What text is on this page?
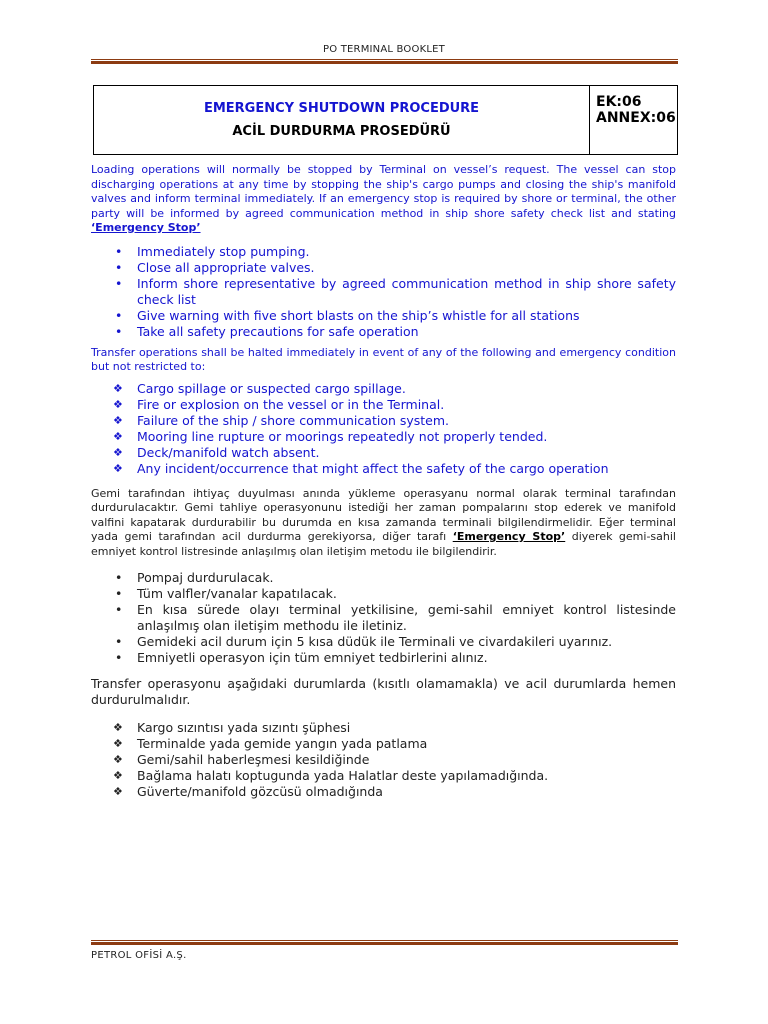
PO TERMINAL BOOKLET
EMERGENCY SHUTDOWN PROCEDURE
ACİL DURDURMA PROSEDÜRÜ
EK:06
ANNEX:06

Loading operations will normally be stopped by Terminal on vessel’s request. The vessel can stop discharging operations at any time by stopping the ship's cargo pumps and closing the ship's manifold valves and inform terminal immediately. If an emergency stop is required by shore or terminal, the other party will be informed by agreed communication method in ship shore safety check list and stating ‘Emergency Stop’

• Immediately stop pumping.
• Close all appropriate valves.
• Inform shore representative by agreed communication method in ship shore safety check list
• Give warning with five short blasts on the ship’s whistle for all stations
• Take all safety precautions for safe operation

Transfer operations shall be halted immediately in event of any of the following and emergency condition but not restricted to:

❖ Cargo spillage or suspected cargo spillage.
❖ Fire or explosion on the vessel or in the Terminal.
❖ Failure of the ship / shore communication system.
❖ Mooring line rupture or moorings repeatedly not properly tended.
❖ Deck/manifold watch absent.
❖ Any incident/occurrence that might affect the safety of the cargo operation

Gemi tarafından ihtiyaç duyulması anında yükleme operasyanu normal olarak terminal tarafından durdurulacaktır. Gemi tahliye operasyonunu istediği her zaman pompalarını stop ederek ve manifold valfini kapatarak durdurabilir bu durumda en kısa zamanda terminali bilgilendirmelidir. Eğer terminal yada gemi tarafından acil durdurma gerekiyorsa, diğer tarafı ‘Emergency Stop’ diyerek gemi-sahil emniyet kontrol listresinde anlaşılmış olan iletişim metodu ile bilgilendirir.

• Pompaj durdurulacak.
• Tüm valfler/vanalar kapatılacak.
• En kısa sürede olayı terminal yetkilisine, gemi-sahil emniyet kontrol listesinde anlaşılmış olan iletişim methodu ile iletiniz.
• Gemideki acil durum için 5 kısa düdük ile Terminali ve civardakileri uyarınız.
• Emniyetli operasyon için tüm emniyet tedbirlerini alınız.

Transfer operasyonu aşağıdaki durumlarda (kısıtlı olamamakla) ve acil durumlarda hemen durdurulmalıdır.

❖ Kargo sızıntısı yada sızıntı şüphesi
❖ Terminalde yada gemide yangın yada patlama
❖ Gemi/sahil haberleşmesi kesildiğinde
❖ Bağlama halatı koptugunda yada Halatlar deste yapılamadığında.
❖ Güverte/manifold gözcüsü olmadığında
PETROL OFİSİ A.Ş.
